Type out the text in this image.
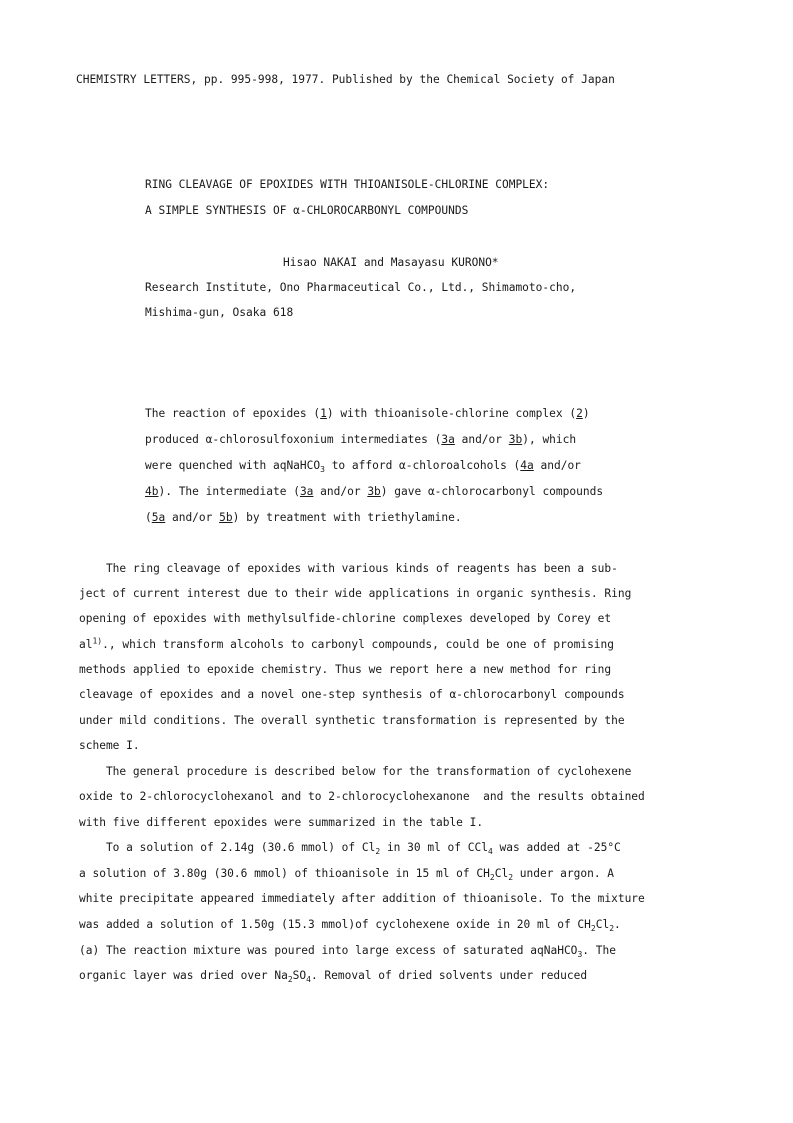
CHEMISTRY LETTERS, pp. 995-998, 1977. Published by the Chemical Society of Japan
RING CLEAVAGE OF EPOXIDES WITH THIOANISOLE-CHLORINE COMPLEX:
A SIMPLE SYNTHESIS OF α-CHLOROCARBONYL COMPOUNDS
Hisao NAKAI and Masayasu KURONO*
Research Institute, Ono Pharmaceutical Co., Ltd., Shimamoto-cho,
Mishima-gun, Osaka 618
The reaction of epoxides (1) with thioanisole-chlorine complex (2)
produced α-chlorosulfoxonium intermediates (3a and/or 3b), which
were quenched with aqNaHCO$_3$ to afford α-chloroalcohols (4a and/or
4b). The intermediate (3a and/or 3b) gave α-chlorocarbonyl compounds
(5a and/or 5b) by treatment with triethylamine.
The ring cleavage of epoxides with various kinds of reagents has been a sub-
ject of current interest due to their wide applications in organic synthesis. Ring
opening of epoxides with methylsulfide-chlorine complexes developed by Corey et
$al^{1)}$., which transform alcohols to carbonyl compounds, could be one of promising
methods applied to epoxide chemistry. Thus we report here a new method for ring
cleavage of epoxides and a novel one-step synthesis of α-chlorocarbonyl compounds
under mild conditions. The overall synthetic transformation is represented by the
scheme I.
The general procedure is described below for the transformation of cyclohexene
oxide to 2-chlorocyclohexanol and to 2-chlorocyclohexanone  and the results obtained
with five different epoxides were summarized in the table I.
To a solution of 2.14g (30.6 mmol) of $Cl_2$ in 30 ml of CCl$_4$ was added at -25°C
a solution of 3.80g (30.6 mmol) of thioanisole in 15 ml of $CH_2Cl_2$ under argon. A
white precipitate appeared immediately after addition of thioanisole. To the mixture
was added a solution of 1.50g (15.3 mmol)of cyclohexene oxide in 20 ml of $CH_2Cl_2$.
(a) The reaction mixture was poured into large excess of saturated aqNaHCO$_3$. The
organic layer was dried over $Na_2SO_4$. Removal of dried solvents under reduced
